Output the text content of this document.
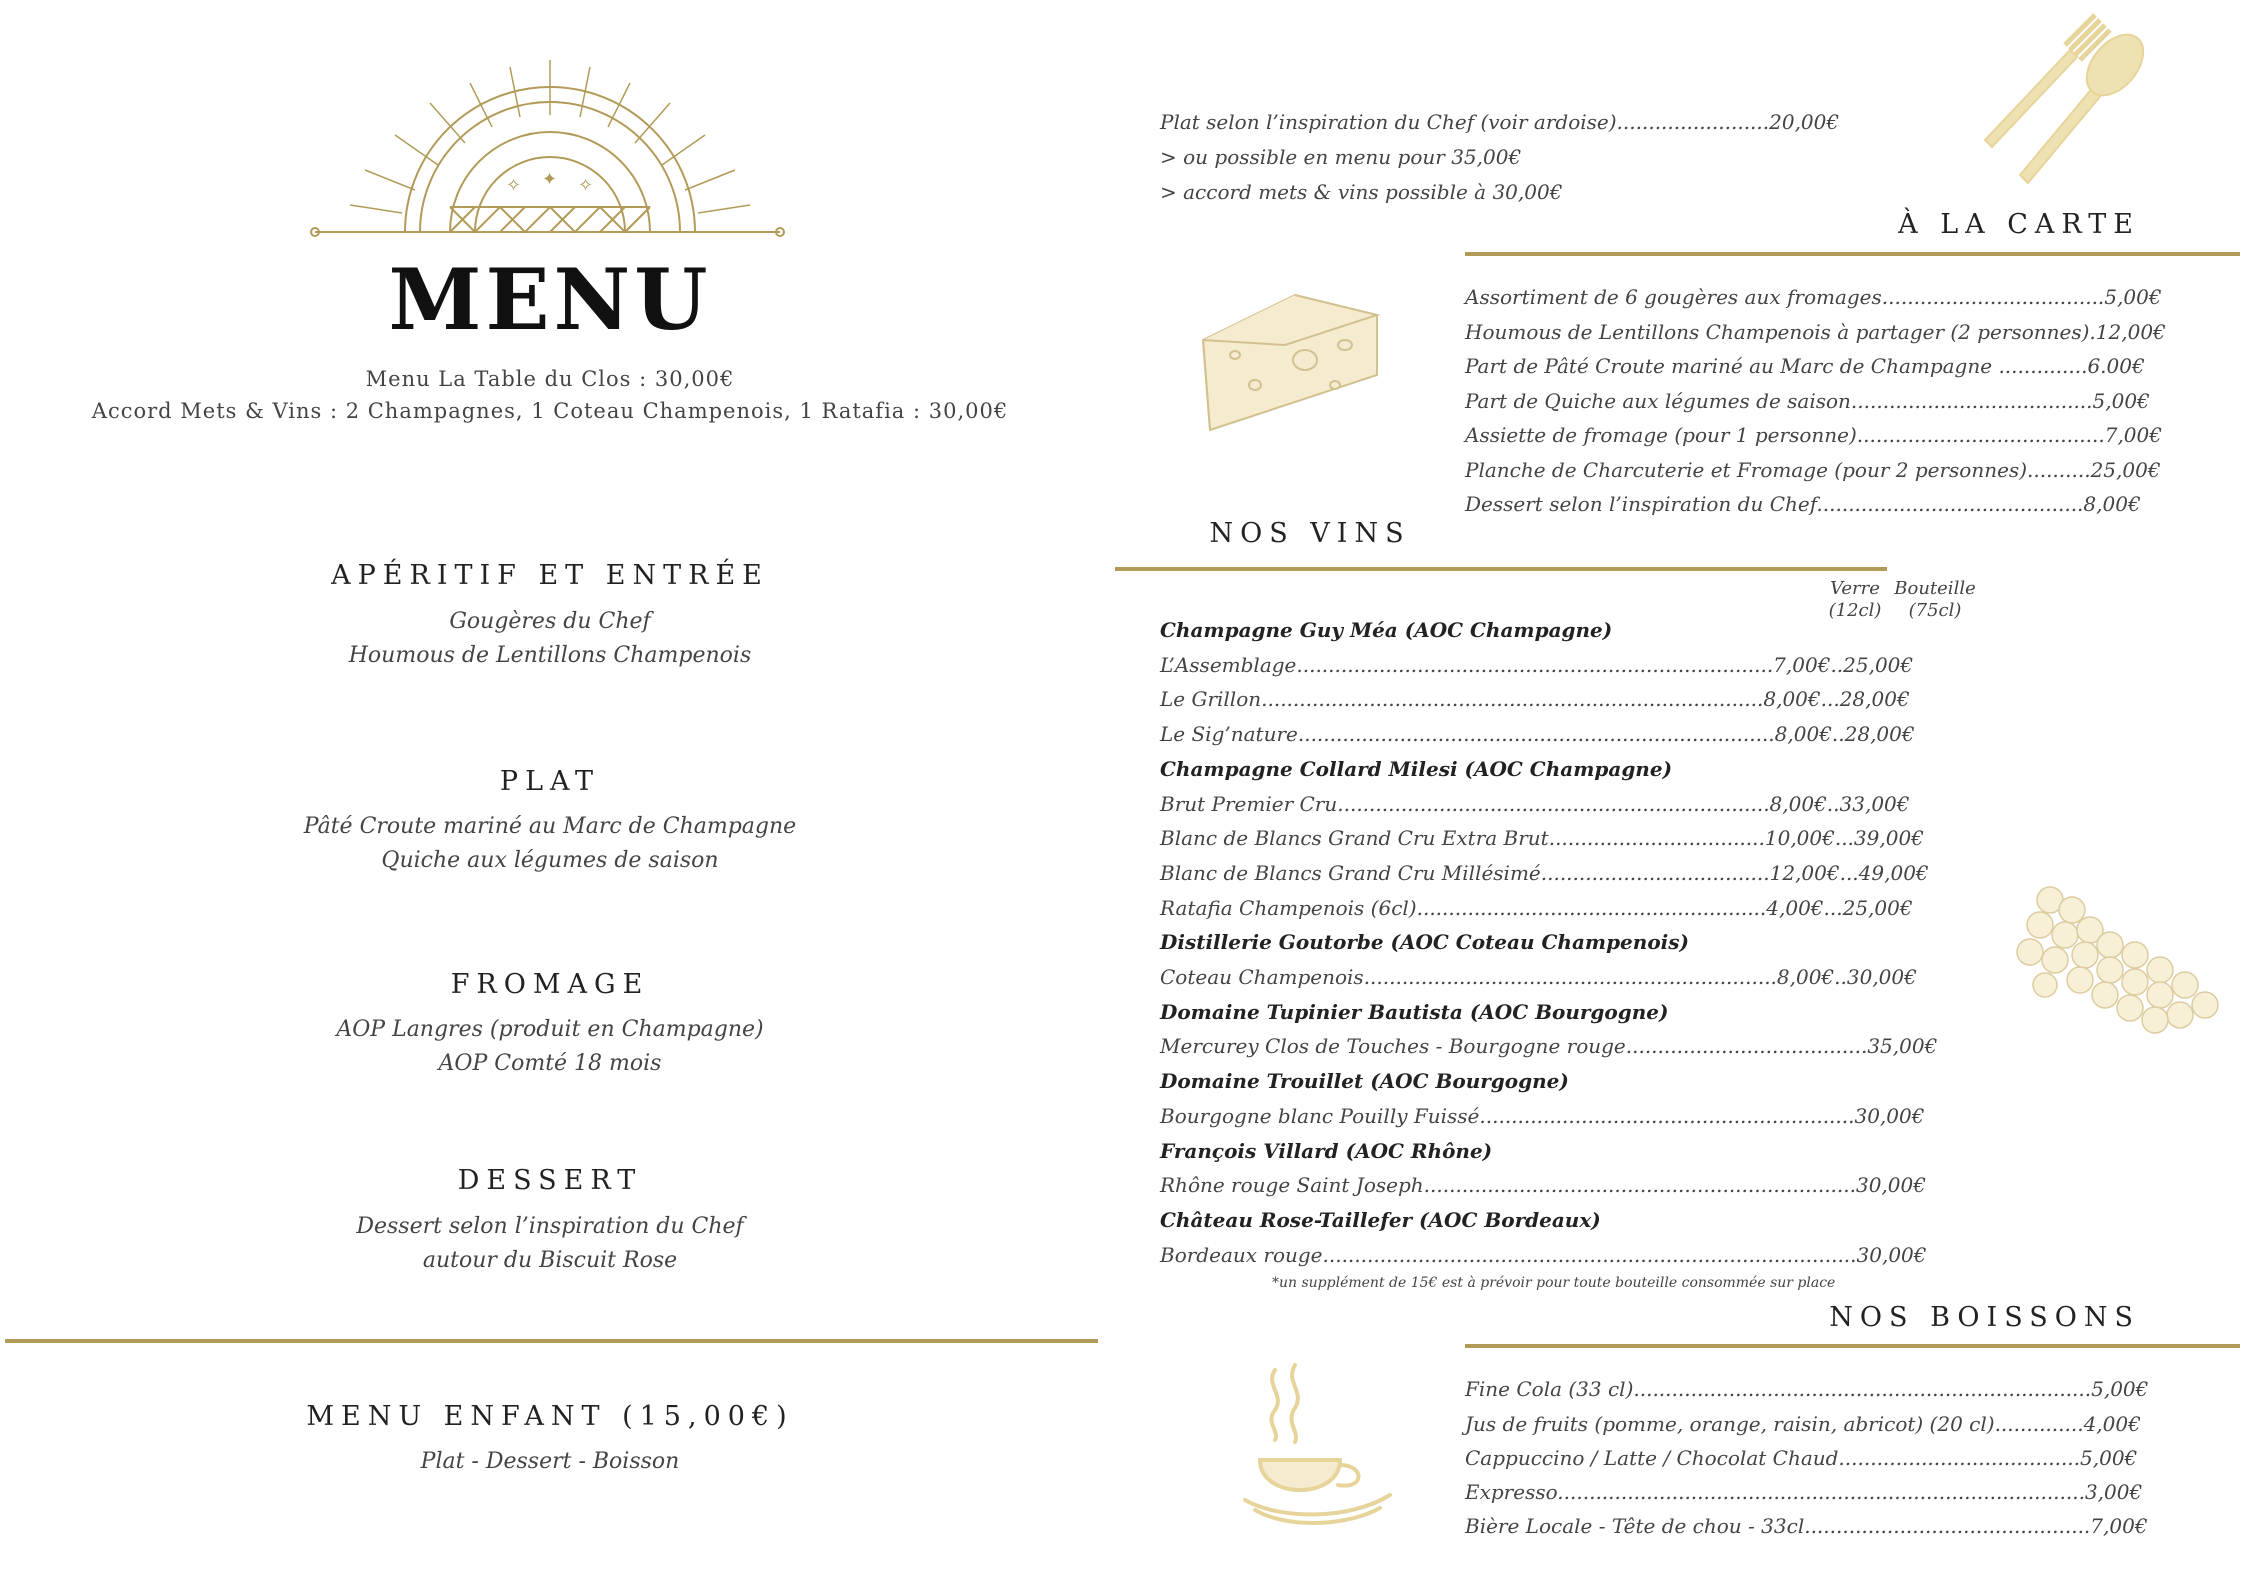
✦
✧	✧
MENU
Menu La Table du Clos : 30,00€
Accord Mets & Vins : 2 Champagnes, 1 Coteau Champenois, 1 Ratafia : 30,00€
APÉRITIF ET ENTRÉE
Gougères du Chef
Houmous de Lentillons Champenois
PLAT
Pâté Croute mariné au Marc de Champagne
Quiche aux légumes de saison
FROMAGE
AOP Langres (produit en Champagne)
AOP Comté 18 mois
DESSERT
Dessert selon l’inspiration du Chef
autour du Biscuit Rose
MENU ENFANT (15,00€)
Plat - Dessert - Boisson
Plat selon l’inspiration du Chef (voir ardoise)........................20,00€
> ou possible en menu pour 35,00€
> accord mets & vins possible à 30,00€
À LA CARTE
Assortiment de 6 gougères aux fromages...................................5,00€
Houmous de Lentillons Champenois à partager (2 personnes).12,00€
Part de Pâté Croute mariné au Marc de Champagne ..............6.00€
Part de Quiche aux légumes de saison......................................5,00€
Assiette de fromage (pour 1 personne).......................................7,00€
Planche de Charcuterie et Fromage (pour 2 personnes)..........25,00€
Dessert selon l’inspiration du Chef..........................................8,00€
NOS VINS
Verre
(12cl)
Bouteille
(75cl)
Champagne Guy Méa (AOC Champagne)
L’Assemblage...........................................................................7,00€..25,00€
Le Grillon...............................................................................8,00€...28,00€
Le Sig’nature...........................................................................8,00€..28,00€
Champagne Collard Milesi (AOC Champagne)
Brut Premier Cru....................................................................8,00€..33,00€
Blanc de Blancs Grand Cru Extra Brut..................................10,00€...39,00€
Blanc de Blancs Grand Cru Millésimé....................................12,00€...49,00€
Ratafia Champenois (6cl).......................................................4,00€...25,00€
Distillerie Goutorbe (AOC Coteau Champenois)
Coteau Champenois.................................................................8,00€..30,00€
Domaine Tupinier Bautista (AOC Bourgogne)
Mercurey Clos de Touches - Bourgogne rouge......................................35,00€
Domaine Trouillet (AOC Bourgogne)
Bourgogne blanc Pouilly Fuissé...........................................................30,00€
François Villard (AOC Rhône)
Rhône rouge Saint Joseph....................................................................30,00€
Château Rose-Taillefer (AOC Bordeaux)
Bordeaux rouge....................................................................................30,00€
*un supplément de 15€ est à prévoir pour toute bouteille consommée sur place
NOS BOISSONS
Fine Cola (33 cl)........................................................................5,00€
Jus de fruits (pomme, orange, raisin, abricot) (20 cl)..............4,00€
Cappuccino / Latte / Chocolat Chaud......................................5,00€
Expresso...................................................................................3,00€
Bière Locale - Tête de chou - 33cl.............................................7,00€
